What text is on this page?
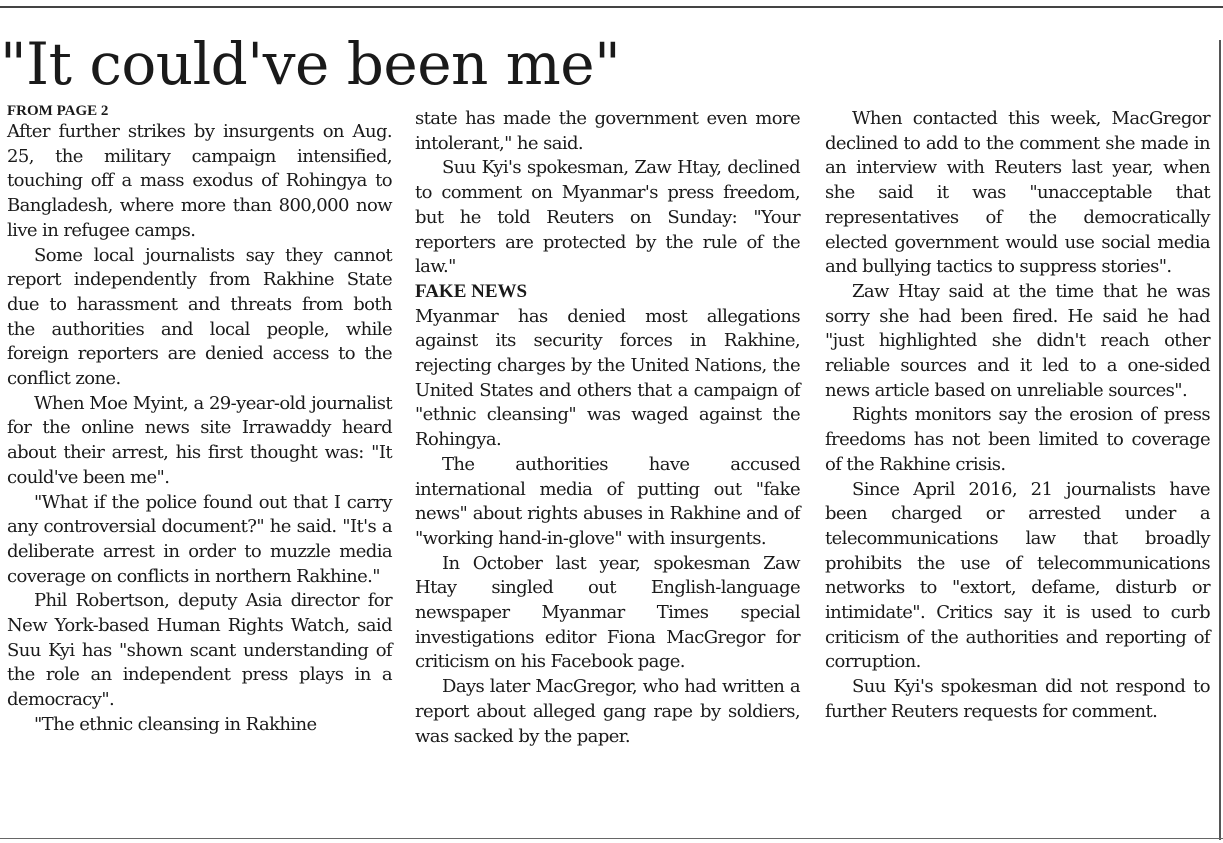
"It could've been me"
FROM PAGE 2

After further strikes by insurgents on Aug. 25, the military campaign intensified, touching off a mass exodus of Rohingya to Bangladesh, where more than 800,000 now live in refugee camps.

Some local journalists say they cannot report independently from Rakhine State due to harassment and threats from both the authorities and local people, while foreign reporters are denied access to the conflict zone.

When Moe Myint, a 29-year-old journalist for the online news site Irrawaddy heard about their arrest, his first thought was: "It could've been me".

"What if the police found out that I carry any controversial document?" he said. "It's a deliberate arrest in order to muzzle media coverage on conflicts in northern Rakhine."

Phil Robertson, deputy Asia director for New York-based Human Rights Watch, said Suu Kyi has "shown scant understanding of the role an independent press plays in a democracy".

"The ethnic cleansing in Rakhine

state has made the government even more intolerant," he said.

Suu Kyi's spokesman, Zaw Htay, declined to comment on Myanmar's press freedom, but he told Reuters on Sunday: "Your reporters are protected by the rule of the law."

FAKE NEWS

Myanmar has denied most allegations against its security forces in Rakhine, rejecting charges by the United Nations, the United States and others that a campaign of "ethnic cleansing" was waged against the Rohingya.

The authorities have accused international media of putting out "fake news" about rights abuses in Rakhine and of "working hand-in-glove" with insurgents.

In October last year, spokesman Zaw Htay singled out English-language newspaper Myanmar Times special investigations editor Fiona MacGregor for criticism on his Facebook page.

Days later MacGregor, who had written a report about alleged gang rape by soldiers, was sacked by the paper.

When contacted this week, MacGregor declined to add to the comment she made in an interview with Reuters last year, when she said it was "unacceptable that representatives of the democratically elected government would use social media and bullying tactics to suppress stories".

Zaw Htay said at the time that he was sorry she had been fired. He said he had "just highlighted she didn't reach other reliable sources and it led to a one-sided news article based on unreliable sources".

Rights monitors say the erosion of press freedoms has not been limited to coverage of the Rakhine crisis.

Since April 2016, 21 journalists have been charged or arrested under a telecommunications law that broadly prohibits the use of telecommunications networks to "extort, defame, disturb or intimidate". Critics say it is used to curb criticism of the authorities and reporting of corruption.

Suu Kyi's spokesman did not respond to further Reuters requests for comment.
